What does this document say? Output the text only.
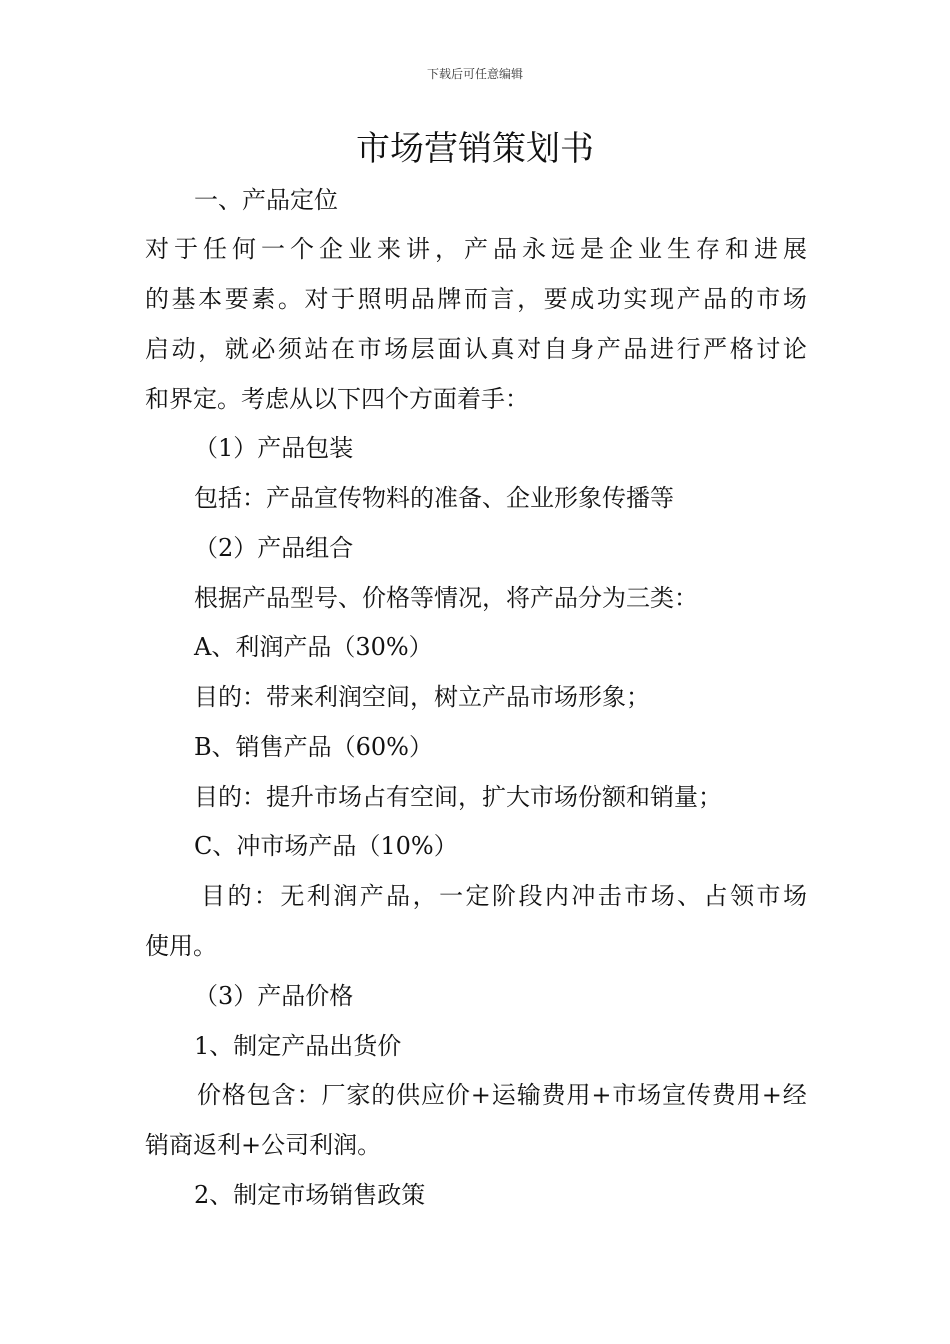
下载后可任意编辑
市场营销策划书
一、产品定位
对 于 任 何 一 个 企 业 来 讲 ， 产 品 永 远 是 企 业 生 存 和 进 展
的 基 本 要 素 。 对 于 照 明 品 牌 而 言 ， 要 成 功 实 现 产 品 的 市 场
启 动 ， 就 必 须 站 在 市 场 层 面 认 真 对 自 身 产 品 进 行 严 格 讨 论
和界定。考虑从以下四个方面着手：
（1）产品包装
包括：产品宣传物料的准备、企业形象传播等
（2）产品组合
根据产品型号、价格等情况，将产品分为三类：
A、利润产品（30%）
目的：带来利润空间，树立产品市场形象；
B、销售产品（60%）
目的：提升市场占有空间，扩大市场份额和销量；
C、冲市场产品（10%）
目 的 ： 无 利 润 产 品 ， 一 定 阶 段 内 冲 击 市 场 、 占 领 市 场
使用。
（3）产品价格
1、制定产品出货价
价 格 包 含 ： 厂 家 的 供 应 价 + 运 输 费 用 + 市 场 宣 传 费 用 + 经
销商返利+公司利润。
2、制定市场销售政策
